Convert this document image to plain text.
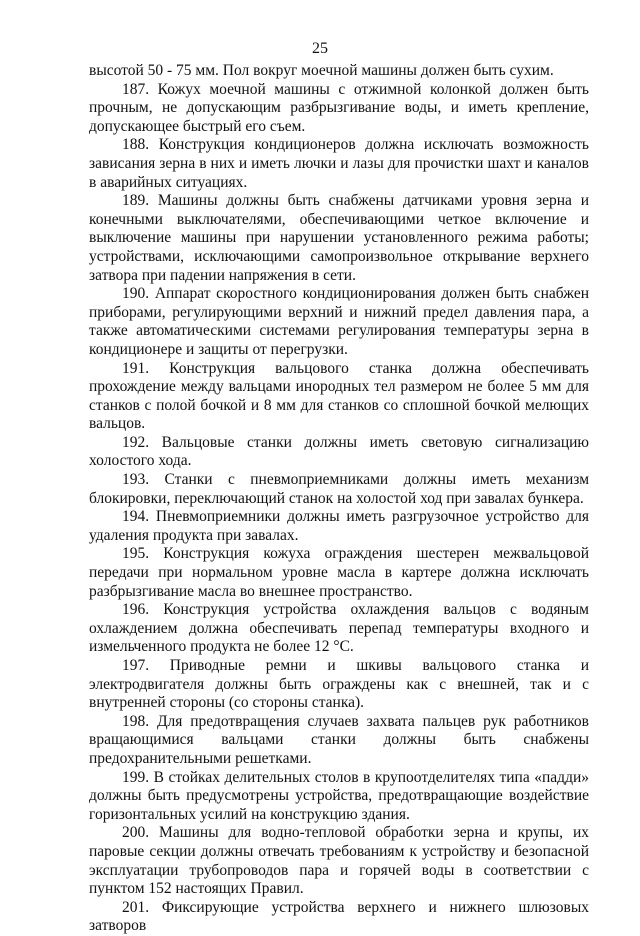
25

высотой 50 - 75 мм. Пол вокруг моечной машины должен быть сухим.

187. Кожух моечной машины с отжимной колонкой должен быть прочным, не допускающим разбрызгивание воды, и иметь крепление, допускающее быстрый его съем.

188. Конструкция кондиционеров должна исключать возможность зависания зерна в них и иметь лючки и лазы для прочистки шахт и каналов в аварийных ситуациях.

189. Машины должны быть снабжены датчиками уровня зерна и конечными выключателями, обеспечивающими четкое включение и выключение машины при нарушении установленного режима работы; устройствами, исключающими самопроизвольное открывание верхнего затвора при падении напряжения в сети.

190. Аппарат скоростного кондиционирования должен быть снабжен приборами, регулирующими верхний и нижний предел давления пара, а также автоматическими системами регулирования температуры зерна в кондиционере и защиты от перегрузки.

191. Конструкция вальцового станка должна обеспечивать прохождение между вальцами инородных тел размером не более 5 мм для станков с полой бочкой и 8 мм для станков со сплошной бочкой мелющих вальцов.

192. Вальцовые станки должны иметь световую сигнализацию холостого хода.

193. Станки с пневмоприемниками должны иметь механизм блокировки, переключающий станок на холостой ход при завалах бункера.

194. Пневмоприемники должны иметь разгрузочное устройство для удаления продукта при завалах.

195. Конструкция кожуха ограждения шестерен межвальцовой передачи при нормальном уровне масла в картере должна исключать разбрызгивание масла во внешнее пространство.

196. Конструкция устройства охлаждения вальцов с водяным охлаждением должна обеспечивать перепад температуры входного и измельченного продукта не более 12 °С.

197. Приводные ремни и шкивы вальцового станка и электродвигателя должны быть ограждены как с внешней, так и с внутренней стороны (со стороны станка).

198. Для предотвращения случаев захвата пальцев рук работников вращающимися вальцами станки должны быть снабжены предохранительными решетками.

199. В стойках делительных столов в крупоотделителях типа «падди» должны быть предусмотрены устройства, предотвращающие воздействие горизонтальных усилий на конструкцию здания.

200. Машины для водно-тепловой обработки зерна и крупы, их паровые секции должны отвечать требованиям к устройству и безопасной эксплуатации трубопроводов пара и горячей воды в соответствии с пунктом 152 настоящих Правил.

201. Фиксирующие устройства верхнего и нижнего шлюзовых затворов
